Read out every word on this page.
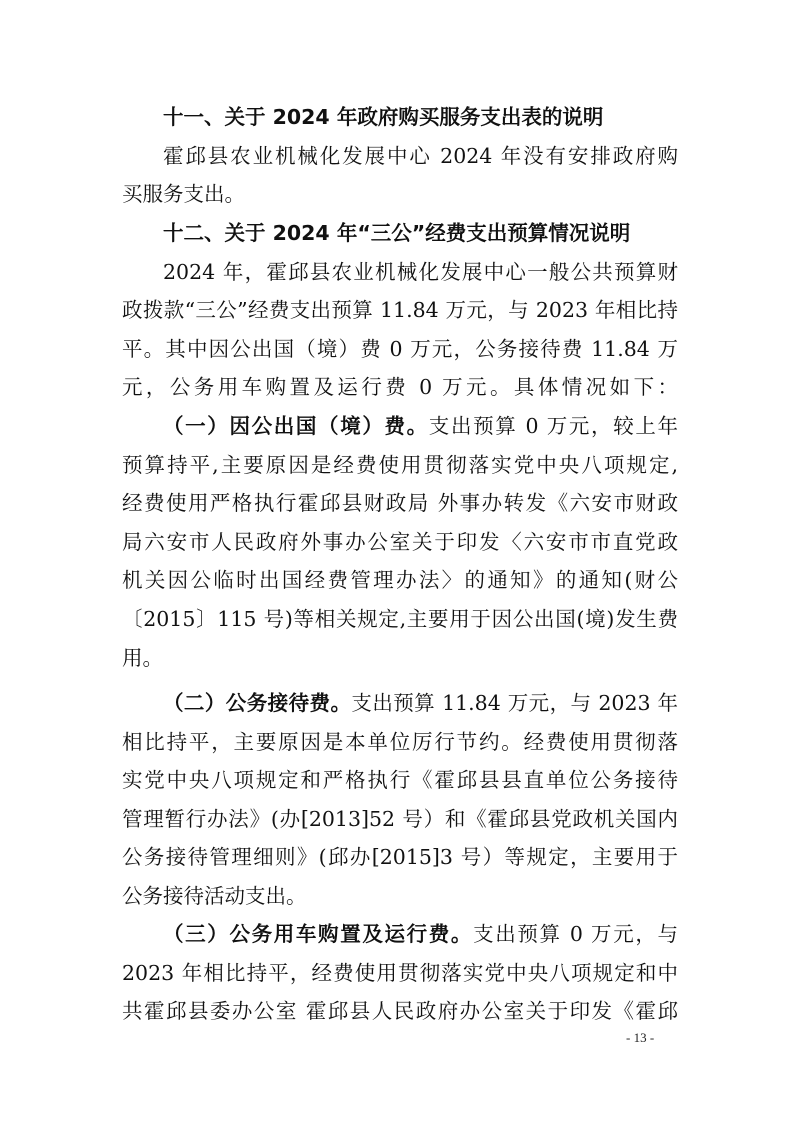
十一、关于 2024 年政府购买服务支出表的说明
霍邱县农业机械化发展中心 2024 年没有安排政府购
买服务支出。
十二、关于 2024 年“三公”经费支出预算情况说明
2024 年，霍邱县农业机械化发展中心一般公共预算财
政拨款“三公”经费支出预算 11.84 万元，与 2023 年相比持
平。其中因公出国（境）费 0 万元，公务接待费 11.84 万
元，公务用车购置及运行费 0 万元。具体情况如下：
（一）因公出国（境）费。支出预算 0 万元，较上年
预算持平,主要原因是经费使用贯彻落实党中央八项规定,
经费使用严格执行霍邱县财政局 外事办转发《六安市财政
局六安市人民政府外事办公室关于印发〈六安市市直党政
机关因公临时出国经费管理办法〉的通知》的通知(财公
〔2015〕115 号)等相关规定,主要用于因公出国(境)发生费
用。
（二）公务接待费。支出预算 11.84 万元，与 2023 年
相比持平，主要原因是本单位厉行节约。经费使用贯彻落
实党中央八项规定和严格执行《霍邱县县直单位公务接待
管理暂行办法》(办[2013]52 号）和《霍邱县党政机关国内
公务接待管理细则》(邱办[2015]3 号）等规定，主要用于
公务接待活动支出。
（三）公务用车购置及运行费。支出预算 0 万元，与
2023 年相比持平，经费使用贯彻落实党中央八项规定和中
共霍邱县委办公室 霍邱县人民政府办公室关于印发《霍邱
- 13 -
